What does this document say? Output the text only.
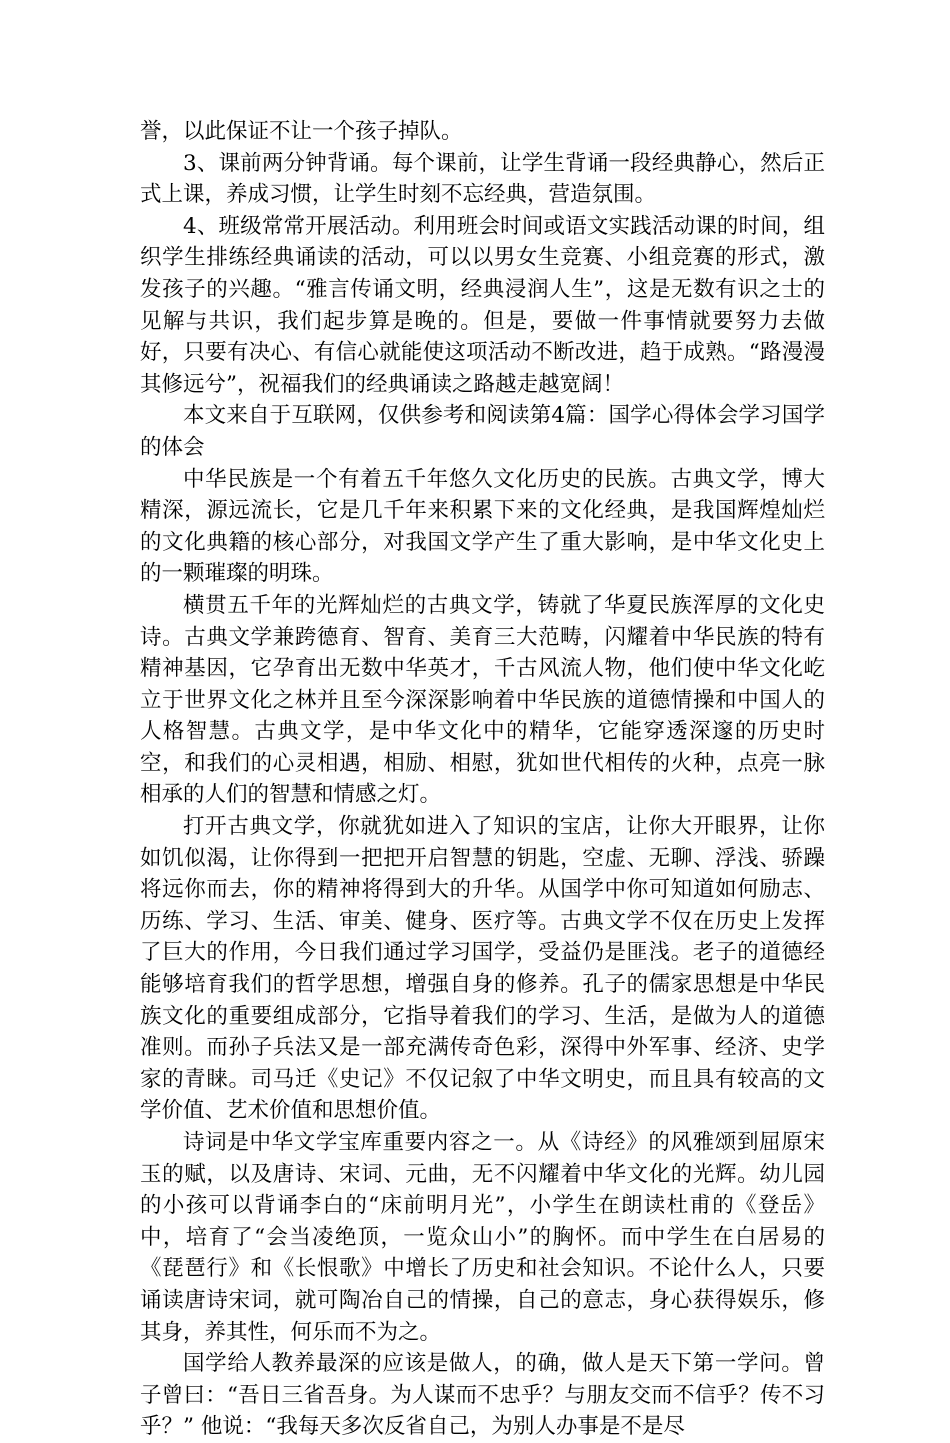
誉，以此保证不让一个孩子掉队。

3、课前两分钟背诵。每个课前，让学生背诵一段经典静心，然后正式上课，养成习惯，让学生时刻不忘经典，营造氛围。

4、班级常常开展活动。利用班会时间或语文实践活动课的时间，组织学生排练经典诵读的活动，可以以男女生竞赛、小组竞赛的形式，激发孩子的兴趣。“雅言传诵文明，经典浸润人生”，这是无数有识之士的见解与共识，我们起步算是晚的。但是，要做一件事情就要努力去做好，只要有决心、有信心就能使这项活动不断改进，趋于成熟。“路漫漫其修远兮”，祝福我们的经典诵读之路越走越宽阔！

本文来自于互联网，仅供参考和阅读第4篇：国学心得体会学习国学的体会

中华民族是一个有着五千年悠久文化历史的民族。古典文学，博大精深，源远流长，它是几千年来积累下来的文化经典，是我国辉煌灿烂的文化典籍的核心部分，对我国文学产生了重大影响，是中华文化史上的一颗璀璨的明珠。

横贯五千年的光辉灿烂的古典文学，铸就了华夏民族浑厚的文化史诗。古典文学兼跨德育、智育、美育三大范畴，闪耀着中华民族的特有精神基因，它孕育出无数中华英才，千古风流人物，他们使中华文化屹立于世界文化之林并且至今深深影响着中华民族的道德情操和中国人的人格智慧。古典文学，是中华文化中的精华，它能穿透深邃的历史时空，和我们的心灵相遇，相励、相慰，犹如世代相传的火种，点亮一脉相承的人们的智慧和情感之灯。

打开古典文学，你就犹如进入了知识的宝店，让你大开眼界，让你如饥似渴，让你得到一把把开启智慧的钥匙，空虚、无聊、浮浅、骄躁将远你而去，你的精神将得到大的升华。从国学中你可知道如何励志、历练、学习、生活、审美、健身、医疗等。古典文学不仅在历史上发挥了巨大的作用，今日我们通过学习国学，受益仍是匪浅。老子的道德经能够培育我们的哲学思想，增强自身的修养。孔子的儒家思想是中华民族文化的重要组成部分，它指导着我们的学习、生活，是做为人的道德准则。而孙子兵法又是一部充满传奇色彩，深得中外军事、经济、史学家的青睐。司马迁《史记》不仅记叙了中华文明史，而且具有较高的文学价值、艺术价值和思想价值。

诗词是中华文学宝库重要内容之一。从《诗经》的风雅颂到屈原宋玉的赋，以及唐诗、宋词、元曲，无不闪耀着中华文化的光辉。幼儿园的小孩可以背诵李白的“床前明月光”，小学生在朗读杜甫的《登岳》中，培育了“会当凌绝顶，一览众山小”的胸怀。而中学生在白居易的《琵琶行》和《长恨歌》中增长了历史和社会知识。不论什么人，只要诵读唐诗宋词，就可陶冶自己的情操，自己的意志，身心获得娱乐，修其身，养其性，何乐而不为之。

国学给人教养最深的应该是做人，的确，做人是天下第一学问。曾子曾曰：“吾日三省吾身。为人谋而不忠乎？与朋友交而不信乎？传不习乎？” 他说：“我每天多次反省自己，为别人办事是不是尽
